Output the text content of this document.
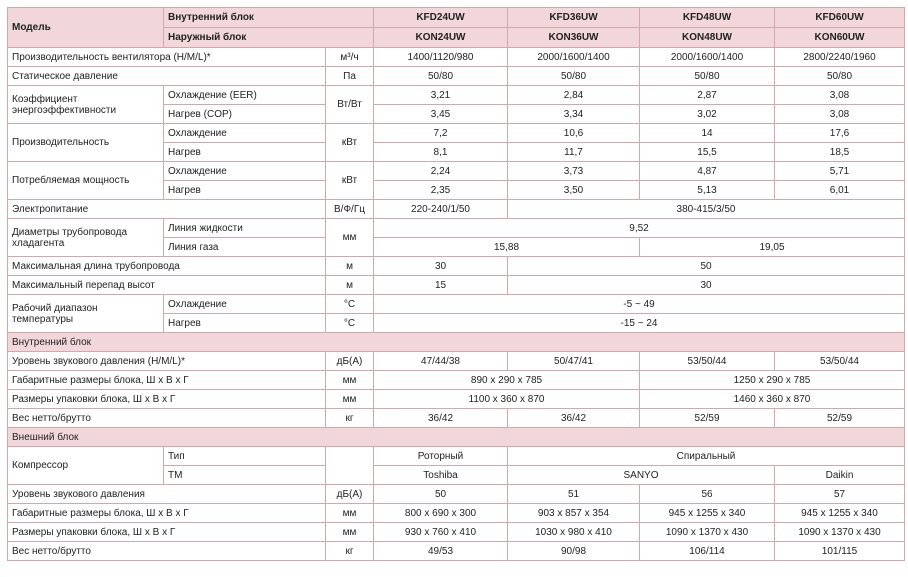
Модель	Внутренний блок		KFD24UW	KFD36UW	KFD48UW	KFD60UW
	Наружный блок		KON24UW	KON36UW	KON48UW	KON60UW
Производительность вентилятора (H/M/L)*		м³/ч	1400/1120/980	2000/1600/1400	2000/1600/1400	2800/2240/1960
Статическое давление		Па	50/80	50/80	50/80	50/80
Коэффициент энергоэффективности	Охлаждение (EER)	Вт/Вт	3,21	2,84	2,87	3,08
	Нагрев (COP)		3,45	3,34	3,02	3,08
Производительность	Охлаждение	кВт	7,2	10,6	14	17,6
	Нагрев		8,1	11,7	15,5	18,5
Потребляемая мощность	Охлаждение	кВт	2,24	3,73	4,87	5,71
	Нагрев		2,35	3,50	5,13	6,01
Электропитание		В/Ф/Гц	220-240/1/50	380-415/3/50		
Диаметры трубопровода хладагента	Линия жидкости	мм	9,52			
	Линия газа		15,88		19,05	
Максимальная длина трубопровода		м	30	50		
Максимальный перепад высот		м	15	30		
Рабочий диапазон температуры	Охлаждение	°С	-5 ~ 49			
	Нагрев	°С	-15 ~ 24			
Внутренний блок						
Уровень звукового давления (H/M/L)*		дБ(А)	47/44/38	50/47/41	53/50/44	53/50/44
Габаритные размеры блока, Ш х В х Г		мм	890 х 290 х 785		1250 х 290 х 785	
Размеры упаковки блока, Ш х В х Г		мм	1100 х 360 х 870		1460 х 360 х 870	
Вес нетто/брутто		кг	36/42	36/42	52/59	52/59
Внешний блок						
Компрессор	Тип		Роторный	Спиральный		
	ТМ		Toshiba	SANYO		Daikin
Уровень звукового давления		дБ(А)	50	51	56	57
Габаритные размеры блока, Ш х В х Г		мм	800 х 690 х 300	903 х 857 х 354	945 х 1255 х 340	945 х 1255 х 340
Размеры упаковки блока, Ш х В х Г		мм	930 х 760 х 410	1030 х 980 х 410	1090 х 1370 х 430	1090 х 1370 х 430
Вес нетто/брутто		кг	49/53	90/98	106/114	101/115
